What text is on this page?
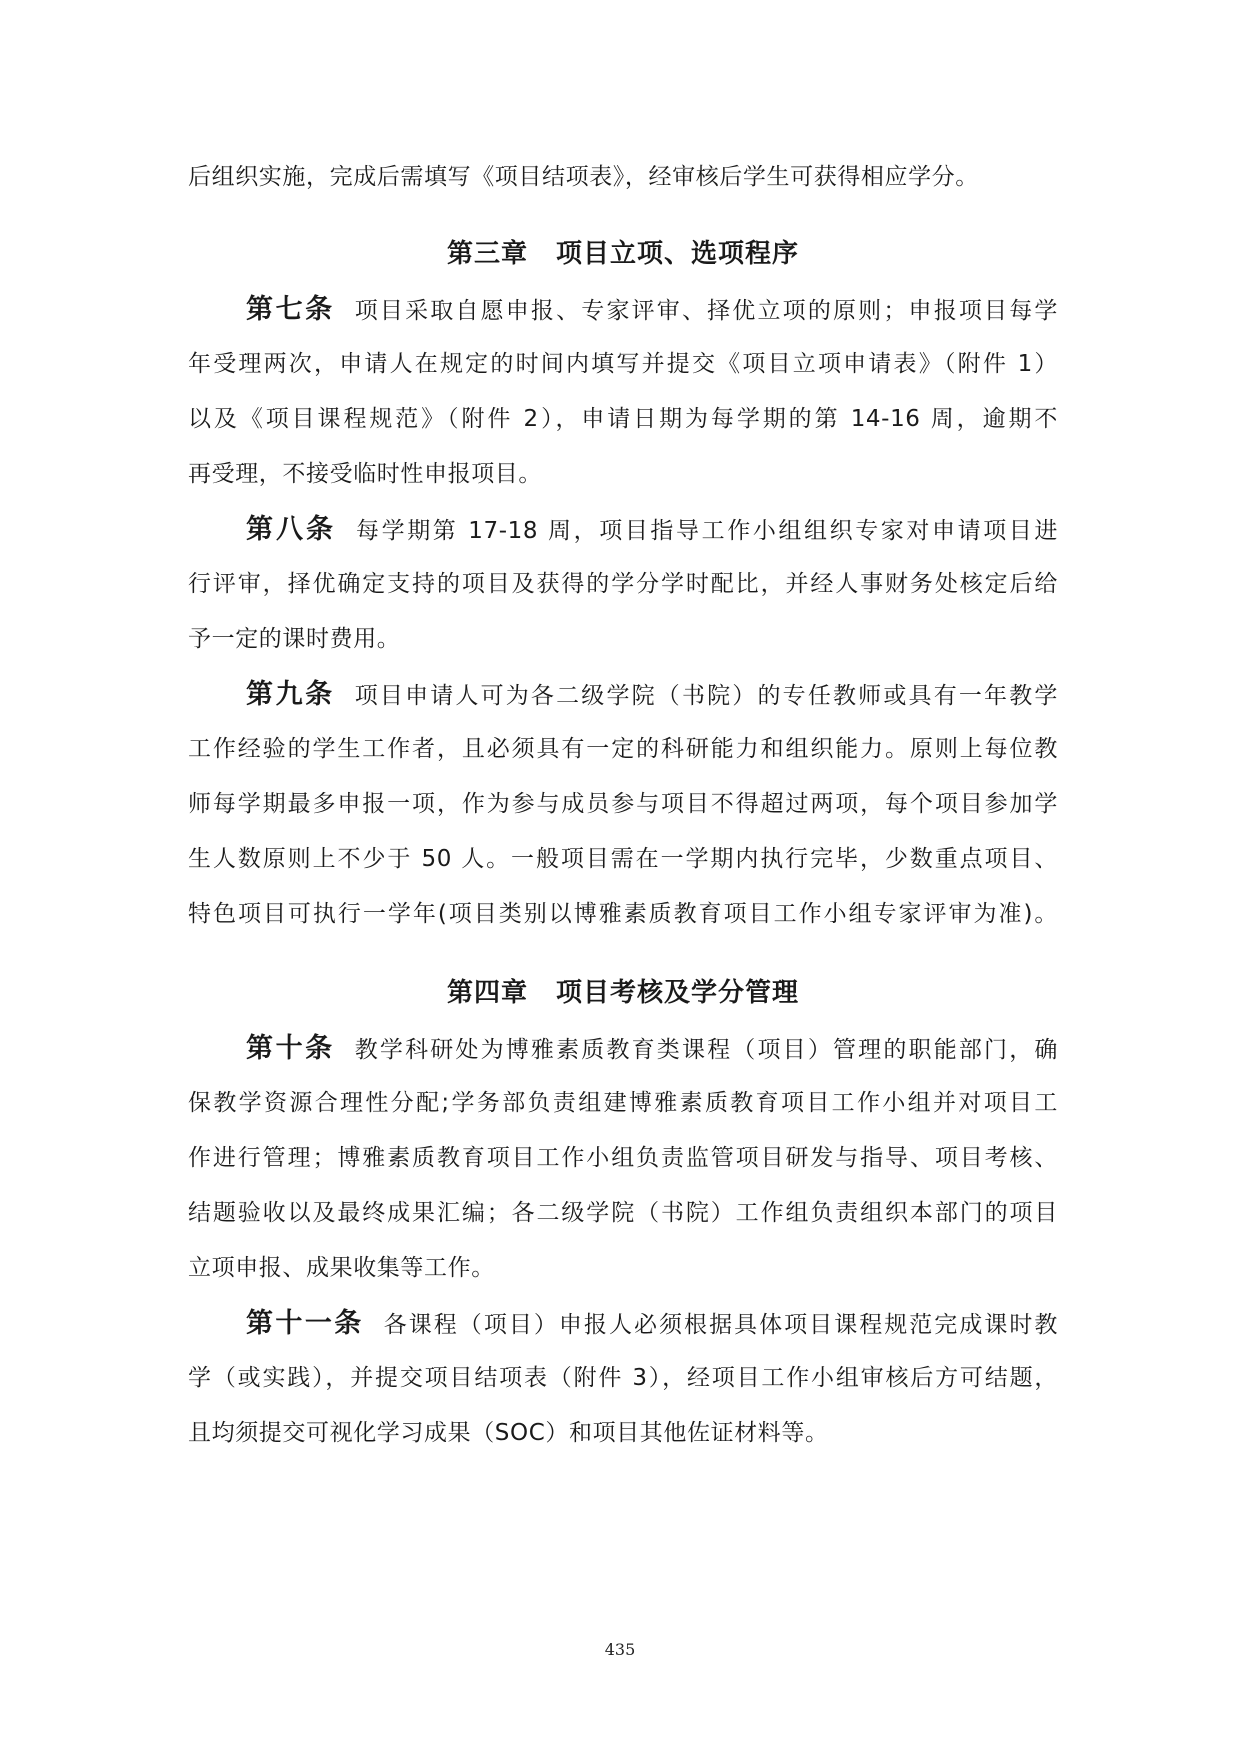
后组织实施，完成后需填写《项目结项表》，经审核后学生可获得相应学分。
第三章 项目立项、选项程序
第七条 项目采取自愿申报、专家评审、择优立项的原则；申报项目每学
年受理两次，申请人在规定的时间内填写并提交《项目立项申请表》（附件 1）
以及《项目课程规范》（附件 2），申请日期为每学期的第 14-16 周，逾期不
再受理，不接受临时性申报项目。
第八条 每学期第 17-18 周，项目指导工作小组组织专家对申请项目进
行评审，择优确定支持的项目及获得的学分学时配比，并经人事财务处核定后给
予一定的课时费用。
第九条 项目申请人可为各二级学院（书院）的专任教师或具有一年教学
工作经验的学生工作者，且必须具有一定的科研能力和组织能力。原则上每位教
师每学期最多申报一项，作为参与成员参与项目不得超过两项，每个项目参加学
生人数原则上不少于 50 人。一般项目需在一学期内执行完毕，少数重点项目、
特色项目可执行一学年(项目类别以博雅素质教育项目工作小组专家评审为准)。
第四章 项目考核及学分管理
第十条 教学科研处为博雅素质教育类课程（项目）管理的职能部门，确
保教学资源合理性分配;学务部负责组建博雅素质教育项目工作小组并对项目工
作进行管理；博雅素质教育项目工作小组负责监管项目研发与指导、项目考核、
结题验收以及最终成果汇编；各二级学院（书院）工作组负责组织本部门的项目
立项申报、成果收集等工作。
第十一条 各课程（项目）申报人必须根据具体项目课程规范完成课时教
学（或实践），并提交项目结项表（附件 3），经项目工作小组审核后方可结题，
且均须提交可视化学习成果（SOC）和项目其他佐证材料等。
435
